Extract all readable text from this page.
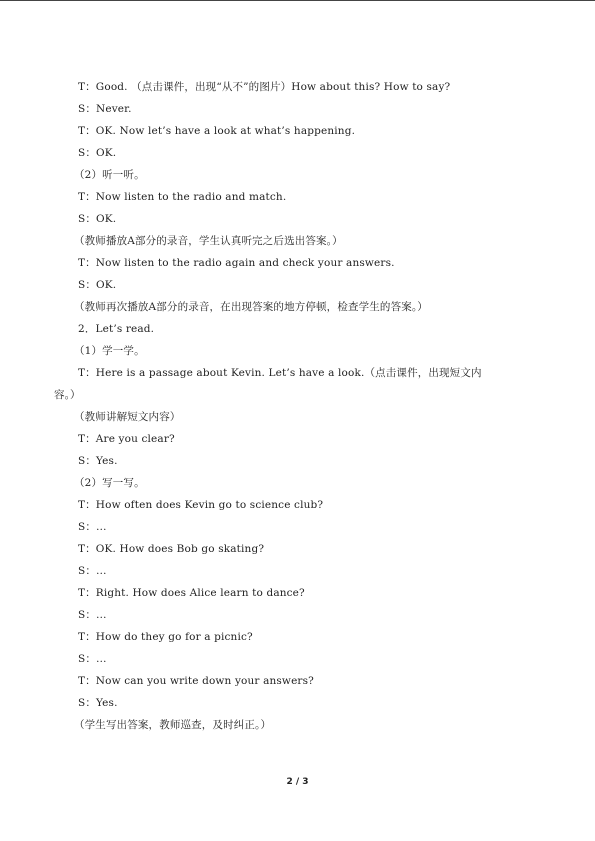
T：Good. （点击课件，出现“从不”的图片）How about this? How to say?
S：Never.
T：OK. Now let’s have a look at what’s happening.
S：OK.
（2）听一听。
T：Now listen to the radio and match.
S：OK.
（教师播放A部分的录音，学生认真听完之后选出答案。）
T：Now listen to the radio again and check your answers.
S：OK.
（教师再次播放A部分的录音，在出现答案的地方停顿，检查学生的答案。）
2．Let’s read.
（1）学一学。
T：Here is a passage about Kevin. Let’s have a look.（点击课件，出现短文内
容。）
（教师讲解短文内容）
T：Are you clear?
S：Yes.
（2）写一写。
T：How often does Kevin go to science club?
S：…
T：OK. How does Bob go skating?
S：…
T：Right. How does Alice learn to dance?
S：…
T：How do they go for a picnic?
S：…
T：Now can you write down your answers?
S：Yes.
（学生写出答案，教师巡查，及时纠正。）
2 / 3
